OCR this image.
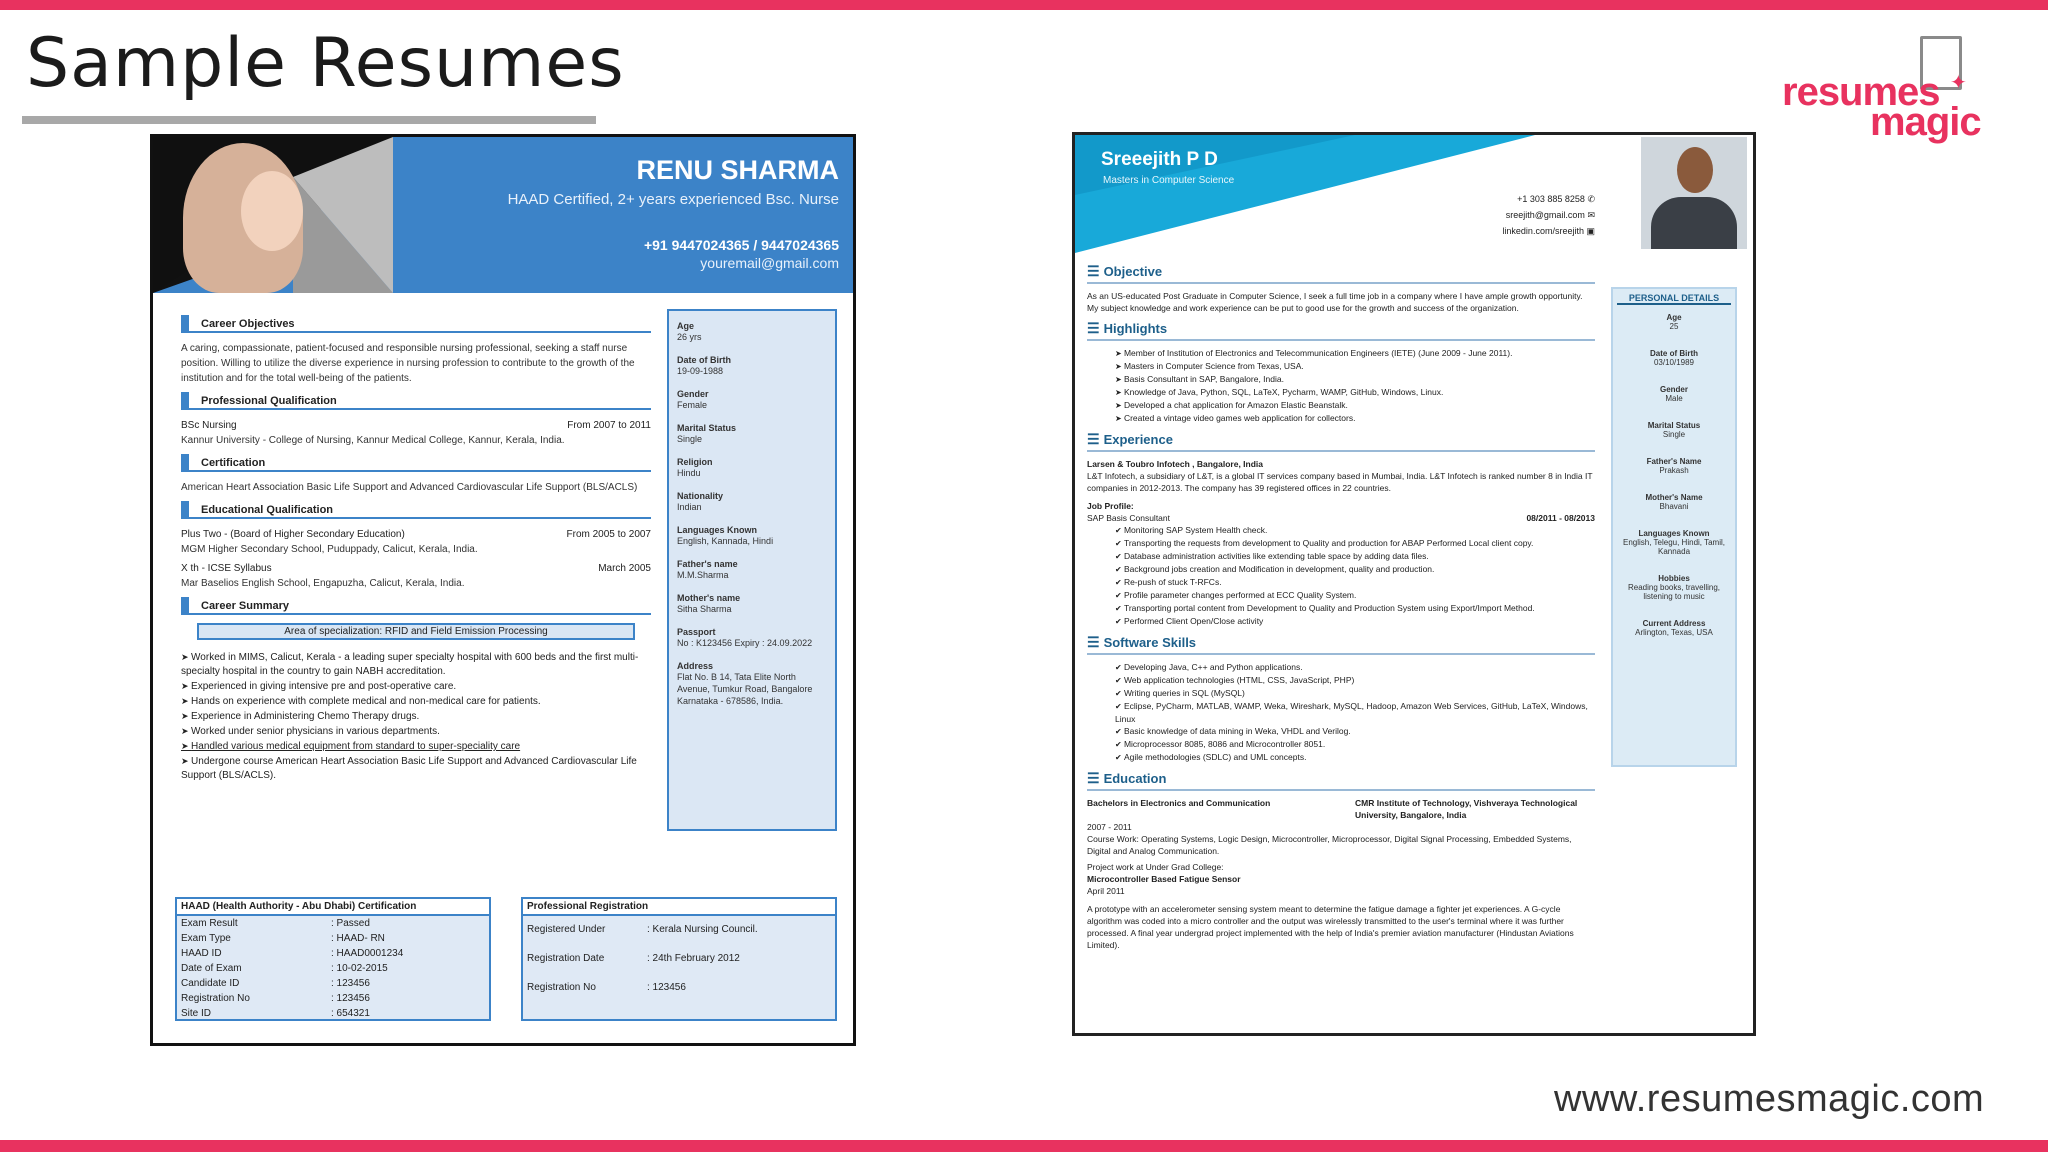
Sample Resumes	✦
resumes
magic
RENU SHARMA
HAAD Certified, 2+ years experienced Bsc. Nurse
+91 9447024365 / 9447024365
youremail@gmail.com
Career Objectives
A caring, compassionate, patient-focused and responsible nursing professional, seeking a staff nurse position. Willing to utilize the diverse experience in nursing profession to contribute to the growth of the institution and for the total well-being of the patients.
Professional Qualification
BSc Nursing	From 2007 to 2011
Kannur University - College of Nursing, Kannur Medical College, Kannur, Kerala, India.
Certification
American Heart Association Basic Life Support and Advanced Cardiovascular Life Support (BLS/ACLS)
Educational Qualification
Plus Two - (Board of Higher Secondary Education)	From 2005 to 2007
MGM Higher Secondary School, Puduppady, Calicut, Kerala, India.
X th - ICSE Syllabus	March 2005
Mar Baselios English School, Engapuzha, Calicut, Kerala, India.
Career Summary
Area of specialization: RFID and Field Emission Processing
➤ Worked in MIMS, Calicut, Kerala - a leading super specialty hospital with 600 beds and the first multi-specialty hospital in the country to gain NABH accreditation.
➤ Experienced in giving intensive pre and post-operative care.
➤ Hands on experience with complete medical and non-medical care for patients.
➤ Experience in Administering Chemo Therapy drugs.
➤ Worked under senior physicians in various departments.
➤ Handled various medical equipment from standard to super-speciality care
➤ Undergone course American Heart Association Basic Life Support and Advanced Cardiovascular Life Support (BLS/ACLS).
Age
26 yrs
Date of Birth
19-09-1988
Gender
Female
Marital Status
Single
Religion
Hindu
Nationality
Indian
Languages Known
English, Kannada, Hindi
Father's name
M.M.Sharma
Mother's name
Sitha Sharma
Passport
No : K123456 Expiry : 24.09.2022
Address
Flat No. B 14, Tata Elite North Avenue, Tumkur Road, Bangalore Karnataka - 678586, India.
HAAD (Health Authority - Abu Dhabi) Certification
Exam Result	: Passed
Exam Type	: HAAD- RN
HAAD ID	: HAAD0001234
Date of Exam	: 10-02-2015
Candidate ID	: 123456
Registration No	: 123456
Site ID	: 654321
Professional Registration
Registered Under	: Kerala Nursing Council.
Registration Date	: 24th February 2012
Registration No	: 123456
Sreeejith P D
Masters in Computer Science
+1 303 885 8258 ✆
sreejith@gmail.com ✉
linkedin.com/sreejith ▣
☰ Objective
As an US-educated Post Graduate in Computer Science, I seek a full time job in a company where I have ample growth opportunity. My subject knowledge and work experience can be put to good use for the growth and success of the organization.
☰ Highlights
➤ Member of Institution of Electronics and Telecommunication Engineers (IETE) (June 2009 - June 2011).
➤ Masters in Computer Science from Texas, USA.
➤ Basis Consultant in SAP, Bangalore, India.
➤ Knowledge of Java, Python, SQL, LaTeX, Pycharm, WAMP, GitHub, Windows, Linux.
➤ Developed a chat application for Amazon Elastic Beanstalk.
➤ Created a vintage video games web application for collectors.
☰ Experience
Larsen & Toubro Infotech , Bangalore, India
L&T Infotech, a subsidiary of L&T, is a global IT services company based in Mumbai, India. L&T Infotech is ranked number 8 in India IT companies in 2012-2013. The company has 39 registered offices in 22 countries.
Job Profile:
SAP Basis Consultant	08/2011 - 08/2013
✔ Monitoring SAP System Health check.
✔ Transporting the requests from development to Quality and production for ABAP Performed Local client copy.
✔ Database administration activities like extending table space by adding data files.
✔ Background jobs creation and Modification in development, quality and production.
✔ Re-push of stuck T-RFCs.
✔ Profile parameter changes performed at ECC Quality System.
✔ Transporting portal content from Development to Quality and Production System using Export/Import Method.
✔ Performed Client Open/Close activity
☰ Software Skills
✔ Developing Java, C++ and Python applications.
✔ Web application technologies (HTML, CSS, JavaScript, PHP)
✔ Writing queries in SQL (MySQL)
✔ Eclipse, PyCharm, MATLAB, WAMP, Weka, Wireshark, MySQL, Hadoop, Amazon Web Services, GitHub, LaTeX, Windows, Linux
✔ Basic knowledge of data mining in Weka, VHDL and Verilog.
✔ Microprocessor 8085, 8086 and Microcontroller 8051.
✔ Agile methodologies (SDLC) and UML concepts.
☰ Education
Bachelors in Electronics and Communication	CMR Institute of Technology, Vishveraya Technological University, Bangalore, India
2007 - 2011
Course Work: Operating Systems, Logic Design, Microcontroller, Microprocessor, Digital Signal Processing, Embedded Systems, Digital and Analog Communication.
Project work at Under Grad College:
Microcontroller Based Fatigue Sensor
April 2011
A prototype with an accelerometer sensing system meant to determine the fatigue damage a fighter jet experiences. A G-cycle algorithm was coded into a micro controller and the output was wirelessly transmitted to the user's terminal where it was further processed. A final year undergrad project implemented with the help of India's premier aviation manufacturer (Hindustan Aviations Limited).
PERSONAL DETAILS
Age
25
Date of Birth
03/10/1989
Gender
Male
Marital Status
Single
Father's Name
Prakash
Mother's Name
Bhavani
Languages Known
English, Telegu, Hindi, Tamil, Kannada
Hobbies
Reading books, travelling, listening to music
Current Address
Arlington, Texas, USA
www.resumesmagic.com
